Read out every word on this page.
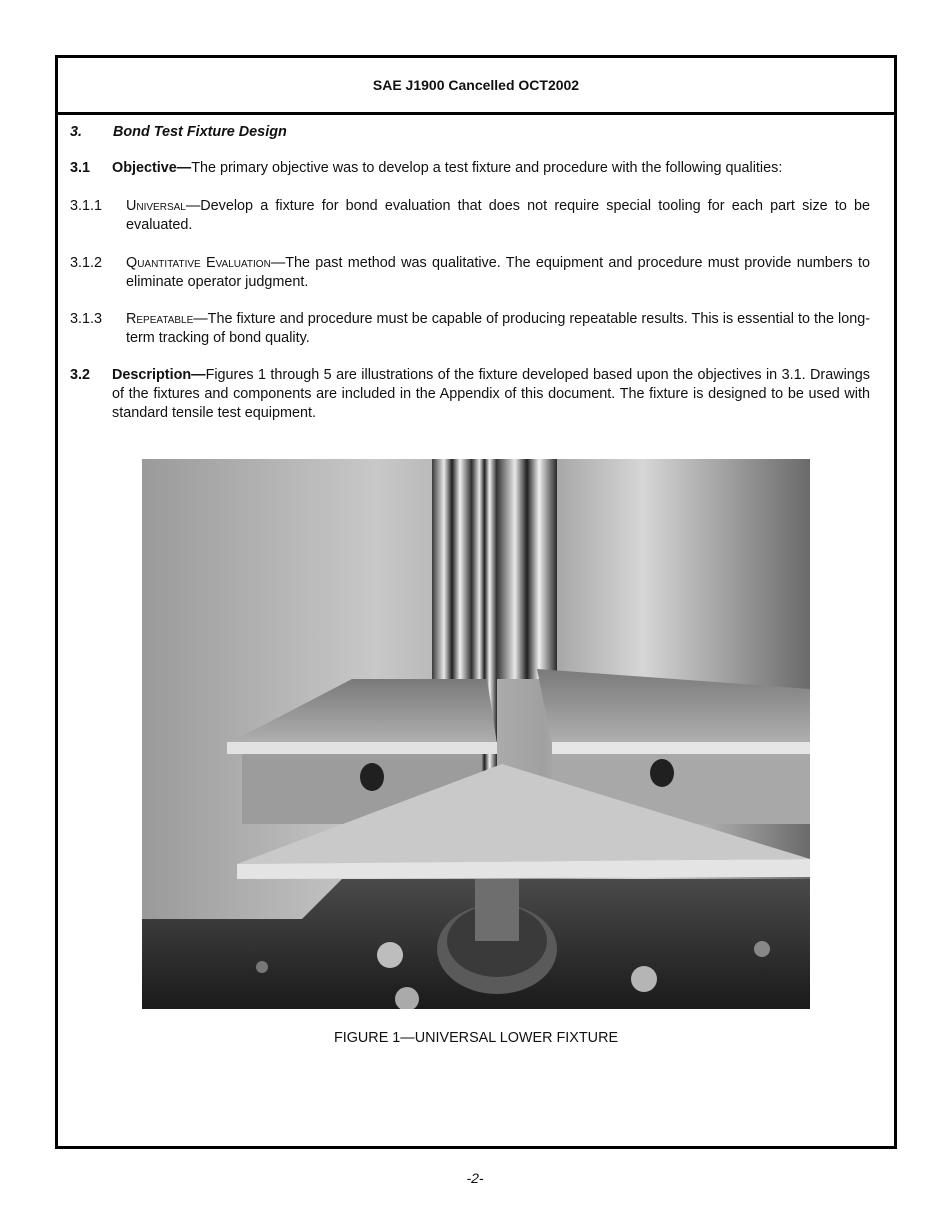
SAE J1900 Cancelled OCT2002
3.	Bond Test Fixture Design
3.1	Objective—The primary objective was to develop a test fixture and procedure with the following qualities:
3.1.1	Universal—Develop a fixture for bond evaluation that does not require special tooling for each part size to be evaluated.
3.1.2	Quantitative Evaluation—The past method was qualitative. The equipment and procedure must provide numbers to eliminate operator judgment.
3.1.3	Repeatable—The fixture and procedure must be capable of producing repeatable results. This is essential to the long-term tracking of bond quality.
3.2	Description—Figures 1 through 5 are illustrations of the fixture developed based upon the objectives in 3.1. Drawings of the fixtures and components are included in the Appendix of this document. The fixture is designed to be used with standard tensile test equipment.
FIGURE 1—UNIVERSAL LOWER FIXTURE
-2-
